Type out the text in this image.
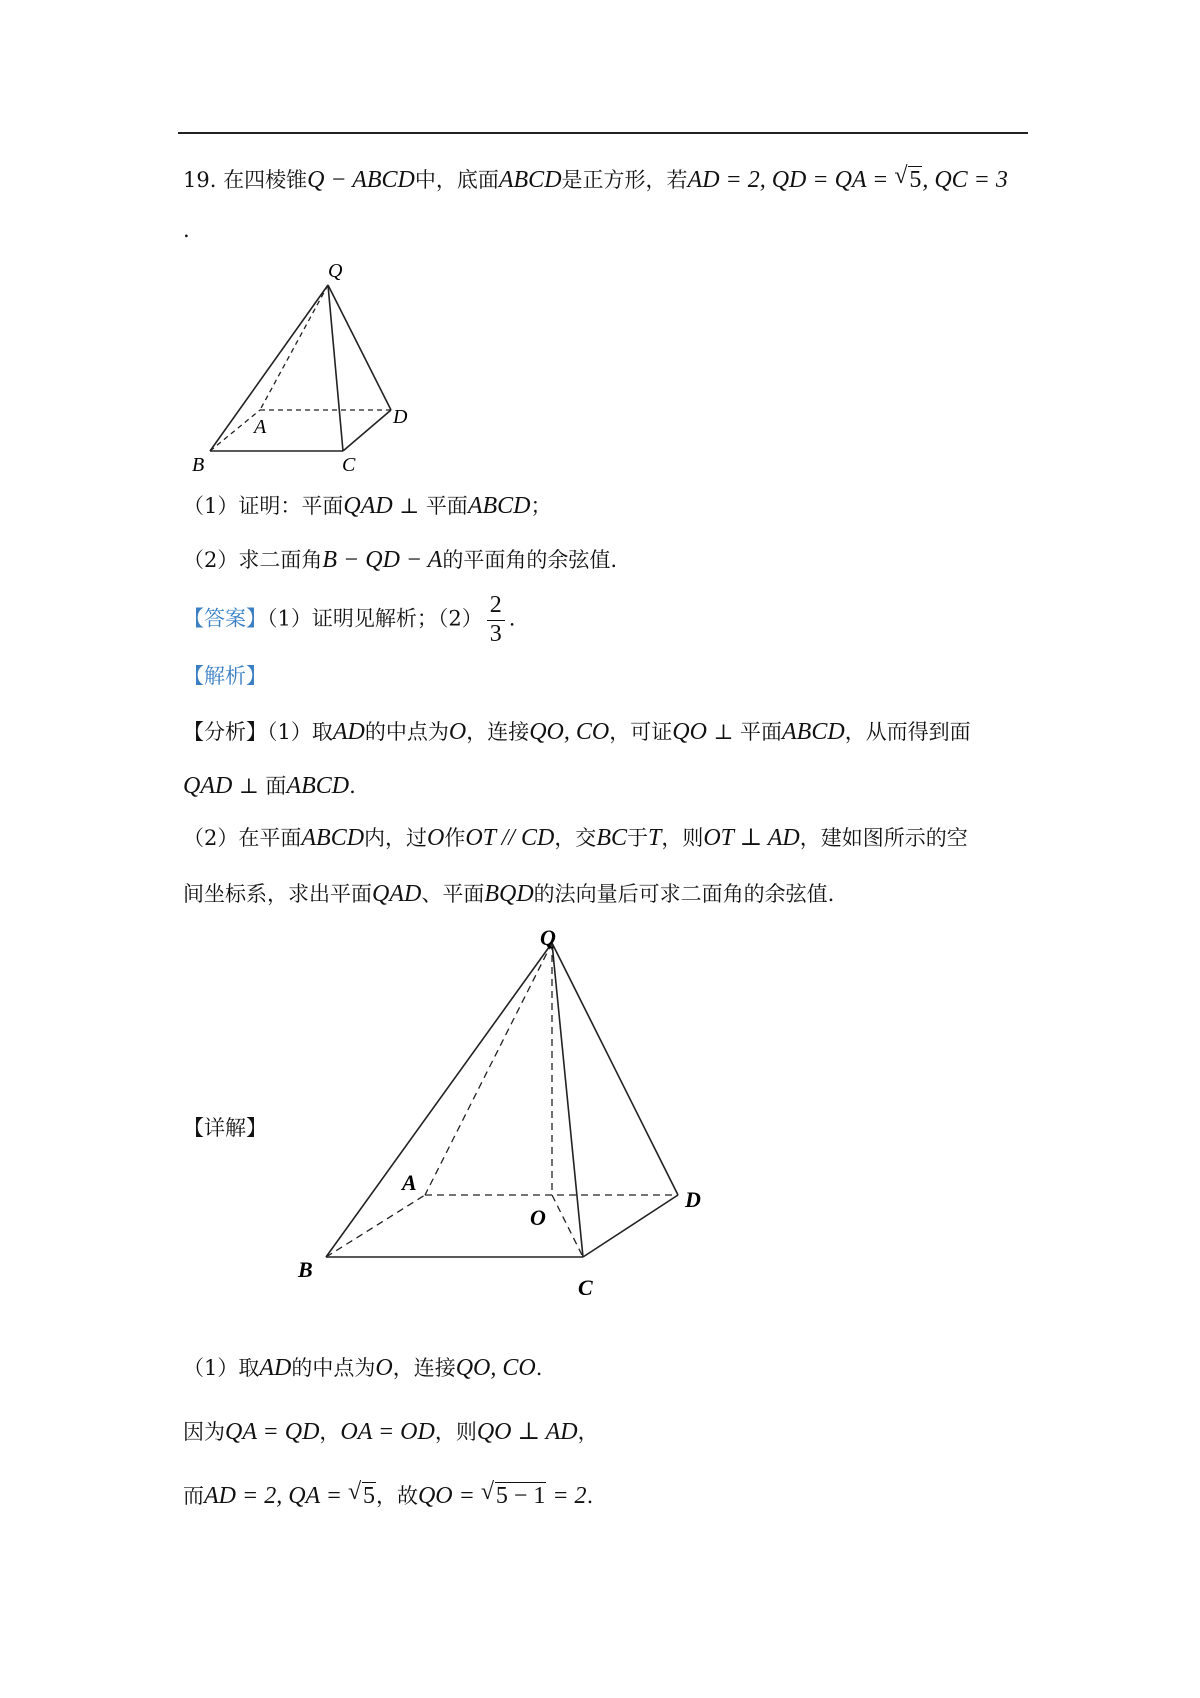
19. 在四棱锥Q − ABCD中，底面ABCD是正方形，若AD = 2, QD = QA = √ 5, QC = 3
.
Q
A	D
B	C
（1）证明：平面QAD ⊥ 平面ABCD；
（2）求二面角B − QD − A的平面角的余弦值.
【答案】（1）证明见解析；$(2) \frac{2}{3}$ .
【解析】
【分析】（1）取AD的中点为O，连接QO, CO，可证QO ⊥ 平面ABCD，从而得到面
QAD ⊥ 面ABCD.
（2）在平面ABCD内，过O作OT // CD，交BC于T，则OT ⊥ AD，建如图所示的空
间坐标系，求出平面QAD、平面BQD的法向量后可求二面角的余弦值.
【详解】
Q
A
D
O
B
C
（1）取AD的中点为O，连接QO, CO.
因为QA = QD，OA = OD，则QO ⊥ AD，
而AD = 2, QA = √ 5，故QO = √ 5 − 1 = 2.
